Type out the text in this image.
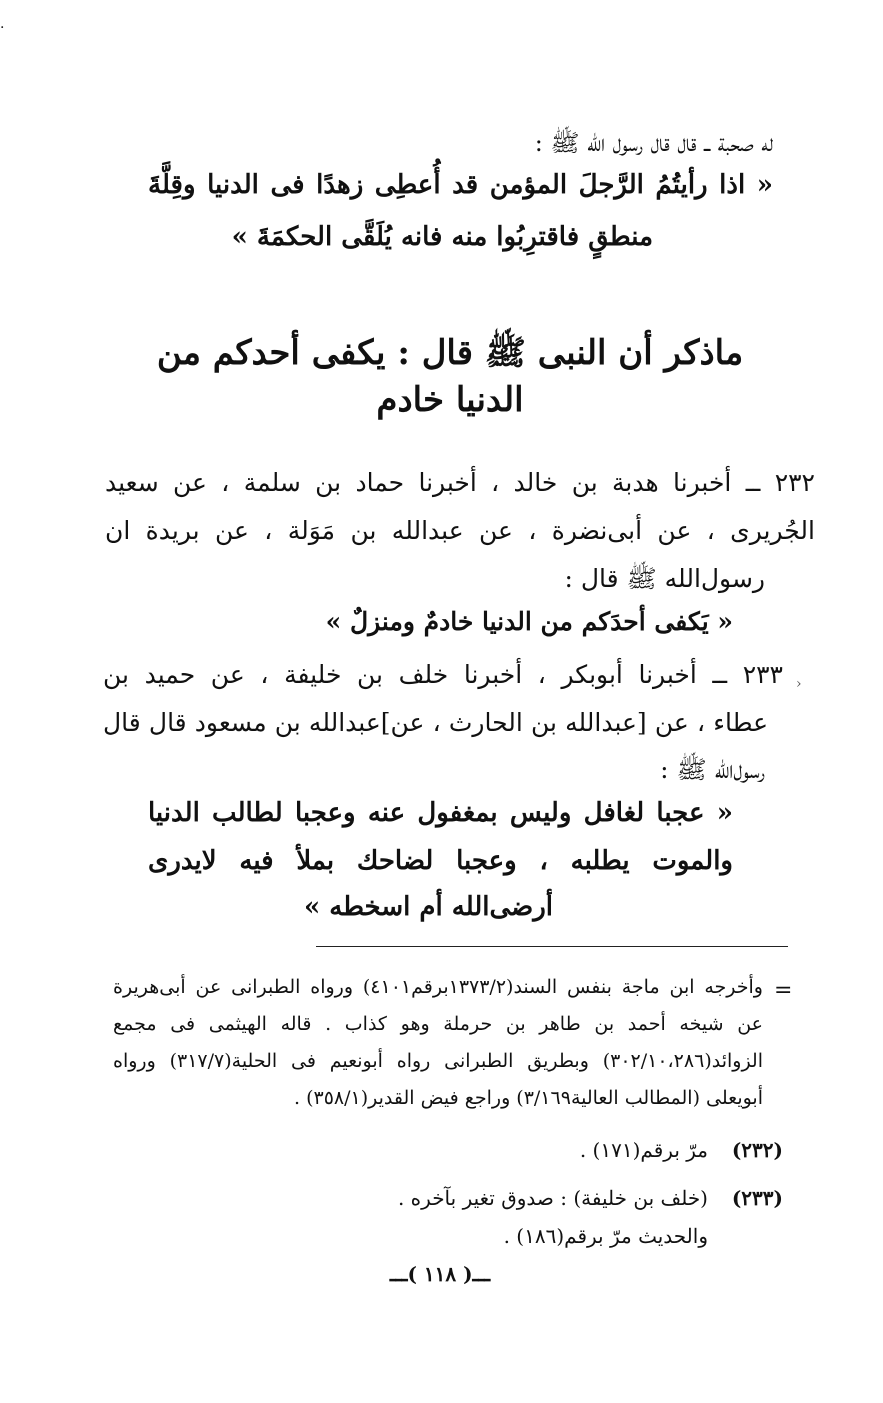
·
له صحبة ــ قال قال رسول الله ﷺ :
« اذا رأيتُمُ الرَّجلَ المؤمن قد أُعطِى زهدًا فى الدنيا وقِلَّةَ
منطقٍ فاقترِبُوا منه فانه يُلَقَّى الحكمَةَ »
ماذكر أن النبى ﷺ قال : يكفى أحدكم من
الدنيا خادم
٢٣٢ ــ أخبرنا هدبة بن خالد ، أخبرنا حماد بن سلمة ، عن سعيد
الجُريرى ، عن أبى‌نضرة ، عن عبدالله بن مَوَلة ، عن بريدة ان
رسول‌الله ﷺ قال :
« يَكفى أحدَكم من الدنيا خادمٌ ومنزلٌ »
›
٢٣٣ ــ أخبرنا أبوبكر ، أخبرنا خلف بن خليفة ، عن حميد بن
عطاء ، عن [عبدالله بن الحارث ، عن]عبدالله بن مسعود قال قال
رسول‌الله ﷺ :
« عجبا لغافل وليس بمغفول عنه وعجبا لطالب الدنيا
والموت يطلبه ، وعجبا لضاحك بملأ فيه لايدرى
أرضى‌الله أم اسخطه »
=
وأخرجه ابن ماجة بنفس السند(١٣٧٣/٢برقم٤١٠١) ورواه الطبرانى عن أبى‌هريرة
عن شيخه أحمد بن طاهر بن حرملة وهو كذاب . قاله الهيثمى فى مجمع
الزوائد(٣٠٢/١٠،٢٨٦) وبطريق الطبرانى رواه أبونعيم فى الحلية(٣١٧/٧) ورواه
أبويعلى (المطالب العالية٣/١٦٩) وراجع فيض القدير(٣٥٨/١) .
(٢٣٢)
مرّ برقم(١٧١) .
(٢٣٣)
(خلف بن خليفة) : صدوق تغير بآخره .
والحديث مرّ برقم(١٨٦) .
ـــ( ١١٨ )ـــ
